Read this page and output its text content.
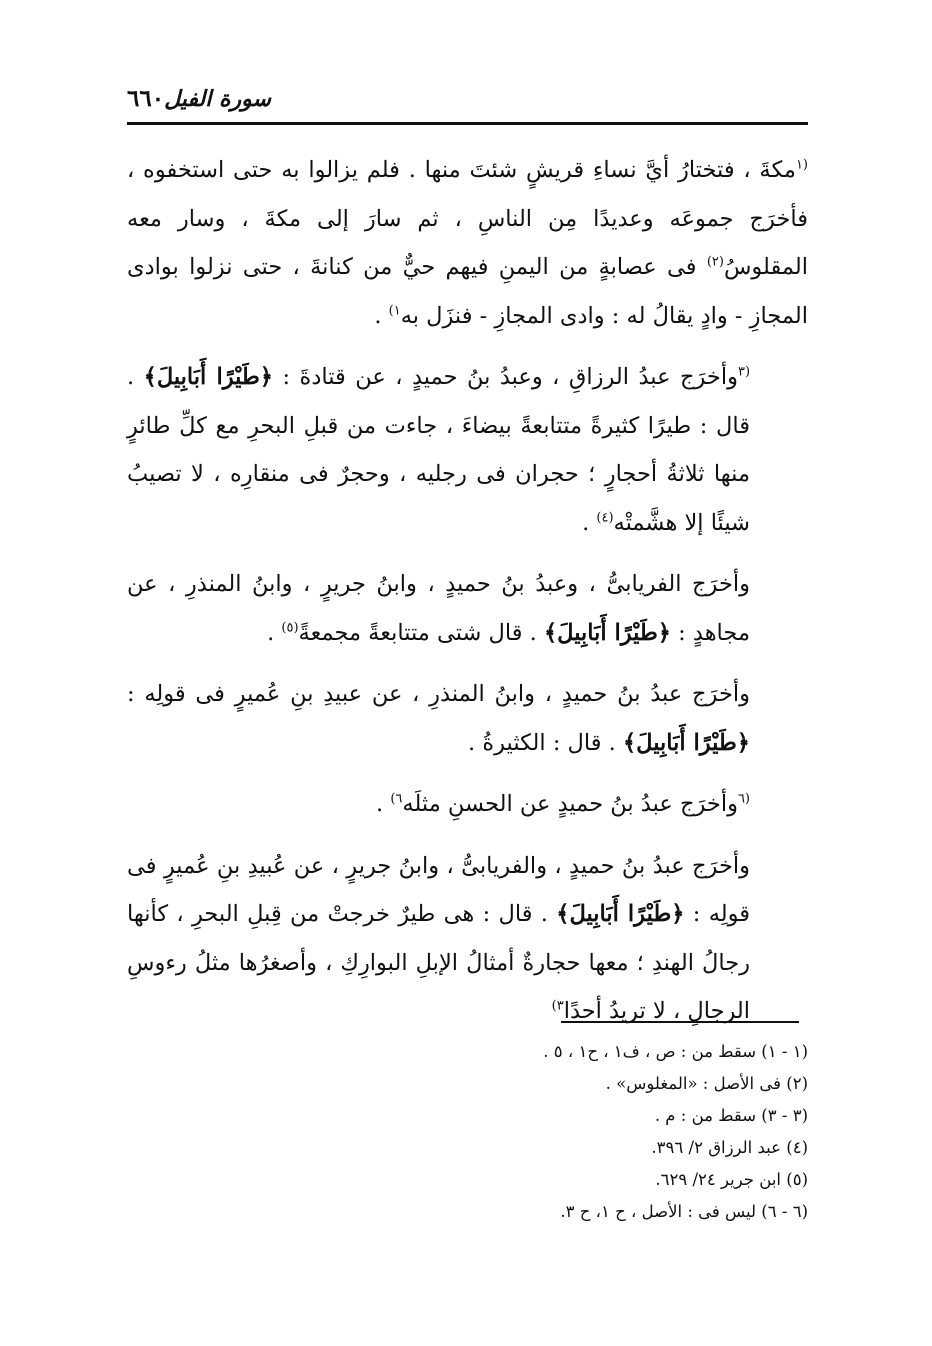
٦٦٠ سورة الفيل

$^{(١}$مكةَ ، فتختارُ أيَّ نساءِ قريشٍ شئتَ منها . فلم يزالوا به حتى استخفوه ، فأخرَج جموعَه وعديدًا مِن الناسِ ، ثم سارَ إلى مكةَ ، وسار معه المقلوسُ$^{(٢)}$ فى عصابةٍ من اليمنِ فيهم حيٌّ من كنانةَ ، حتى نزلوا بوادى المجازِ - وادٍ يقالُ له : وادى المجازِ - فنزَل به$^{١)}$ .

$^{(٣}$وأخرَج عبدُ الرزاقِ ، وعبدُ بنُ حميدٍ ، عن قتادةَ : ﴿طَيْرًا أَبَابِيلَ﴾ . قال : طيرًا كثيرةً متتابعةً بيضاءَ ، جاءت من قبلِ البحرِ مع كلِّ طائرٍ منها ثلاثةُ أحجارٍ ؛ حجران فى رجليه ، وحجرٌ فى منقارِه ، لا تصيبُ شيئًا إلا هشَّمتْه$^{(٤)}$ .

وأخرَج الفريابىُّ ، وعبدُ بنُ حميدٍ ، وابنُ جريرٍ ، وابنُ المنذرِ ، عن مجاهدٍ : ﴿طَيْرًا أَبَابِيلَ﴾ . قال شتى متتابعةً مجمعةً$^{(٥)}$ .

وأخرَج عبدُ بنُ حميدٍ ، وابنُ المنذرِ ، عن عبيدِ بنِ عُميرٍ فى قولِه : ﴿طَيْرًا أَبَابِيلَ﴾ . قال : الكثيرةُ .

$^{(٦}$وأخرَج عبدُ بنُ حميدٍ عن الحسنِ مثلَه$^{٦)}$ .

وأخرَج عبدُ بنُ حميدٍ ، والفريابىُّ ، وابنُ جريرٍ ، عن عُبيدِ بنِ عُميرٍ فى قولِه : ﴿طَيْرًا أَبَابِيلَ﴾ . قال : هى طيرٌ خرجتْ من قِبلِ البحرِ ، كأنها رجالُ الهندِ ؛ معها حجارةٌ أمثالُ الإبلِ البوارِكِ ، وأصغرُها مثلُ رءوسِ الرجالِ ، لا تريدُ أحدًا$^{٣)}$

(١ - ١) سقط من : ص ، ف١ ، ح١ ، ٥ .

(٢) فى الأصل : «المغلوس» .

(٣ - ٣) سقط من : م .

(٤) عبد الرزاق ٢/ ٣٩٦.

(٥) ابن جرير ٢٤/ ٦٢٩.

(٦ - ٦) ليس فى : الأصل ، ح ١، ح ٣.
